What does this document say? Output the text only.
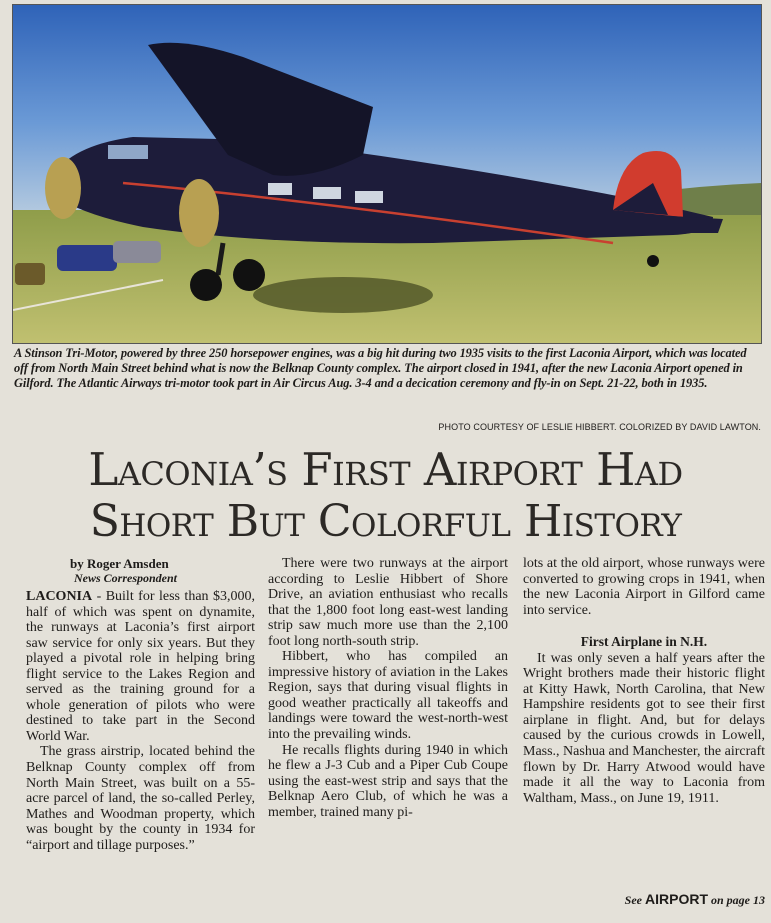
A Stinson Tri-Motor, powered by three 250 horsepower engines, was a big hit during two 1935 visits to the first Laconia Airport, which was located off from North Main Street behind what is now the Belknap County complex. The airport closed in 1941, after the new Laconia Airport opened in Gilford. The Atlantic Airways tri-motor took part in Air Circus Aug. 3-4 and a decication ceremony and fly-in on Sept. 21-22, both in 1935.

PHOTO COURTESY OF LESLIE HIBBERT. COLORIZED BY DAVID LAWTON.
Laconia’s First Airport Had
Short But Colorful History
by Roger Amsden
News Correspondent

LACONIA - Built for less than $3,000, half of which was spent on dynamite, the runways at Laconia’s first airport saw service for only six years. But they played a pivotal role in helping bring flight service to the Lakes Region and served as the training ground for a whole generation of pilots who were destined to take part in the Second World War.

The grass airstrip, located behind the Belknap County complex off from North Main Street, was built on a 55-acre parcel of land, the so-called Perley, Mathes and Woodman property, which was bought by the county in 1934 for “airport and tillage purposes.”

There were two runways at the airport according to Leslie Hibbert of Shore Drive, an aviation enthusiast who recalls that the 1,800 foot long east-west landing strip saw much more use than the 2,100 foot long north-south strip.

Hibbert, who has compiled an impressive history of aviation in the Lakes Region, says that during visual flights in good weather practically all takeoffs and landings were toward the west-north-west into the prevailing winds.

He recalls flights during 1940 in which he flew a J-3 Cub and a Piper Cub Coupe using the east-west strip and says that the Belknap Aero Club, of which he was a member, trained many pi-

lots at the old airport, whose runways were converted to growing crops in 1941, when the new Laconia Airport in Gilford came into service.

First Airplane in N.H.

It was only seven a half years after the Wright brothers made their historic flight at Kitty Hawk, North Carolina, that New Hampshire residents got to see their first airplane in flight. And, but for delays caused by the curious crowds in Lowell, Mass., Nashua and Manchester, the aircraft flown by Dr. Harry Atwood would have made it all the way to Laconia from Waltham, Mass., on June 19, 1911.

See AIRPORT on page 13
